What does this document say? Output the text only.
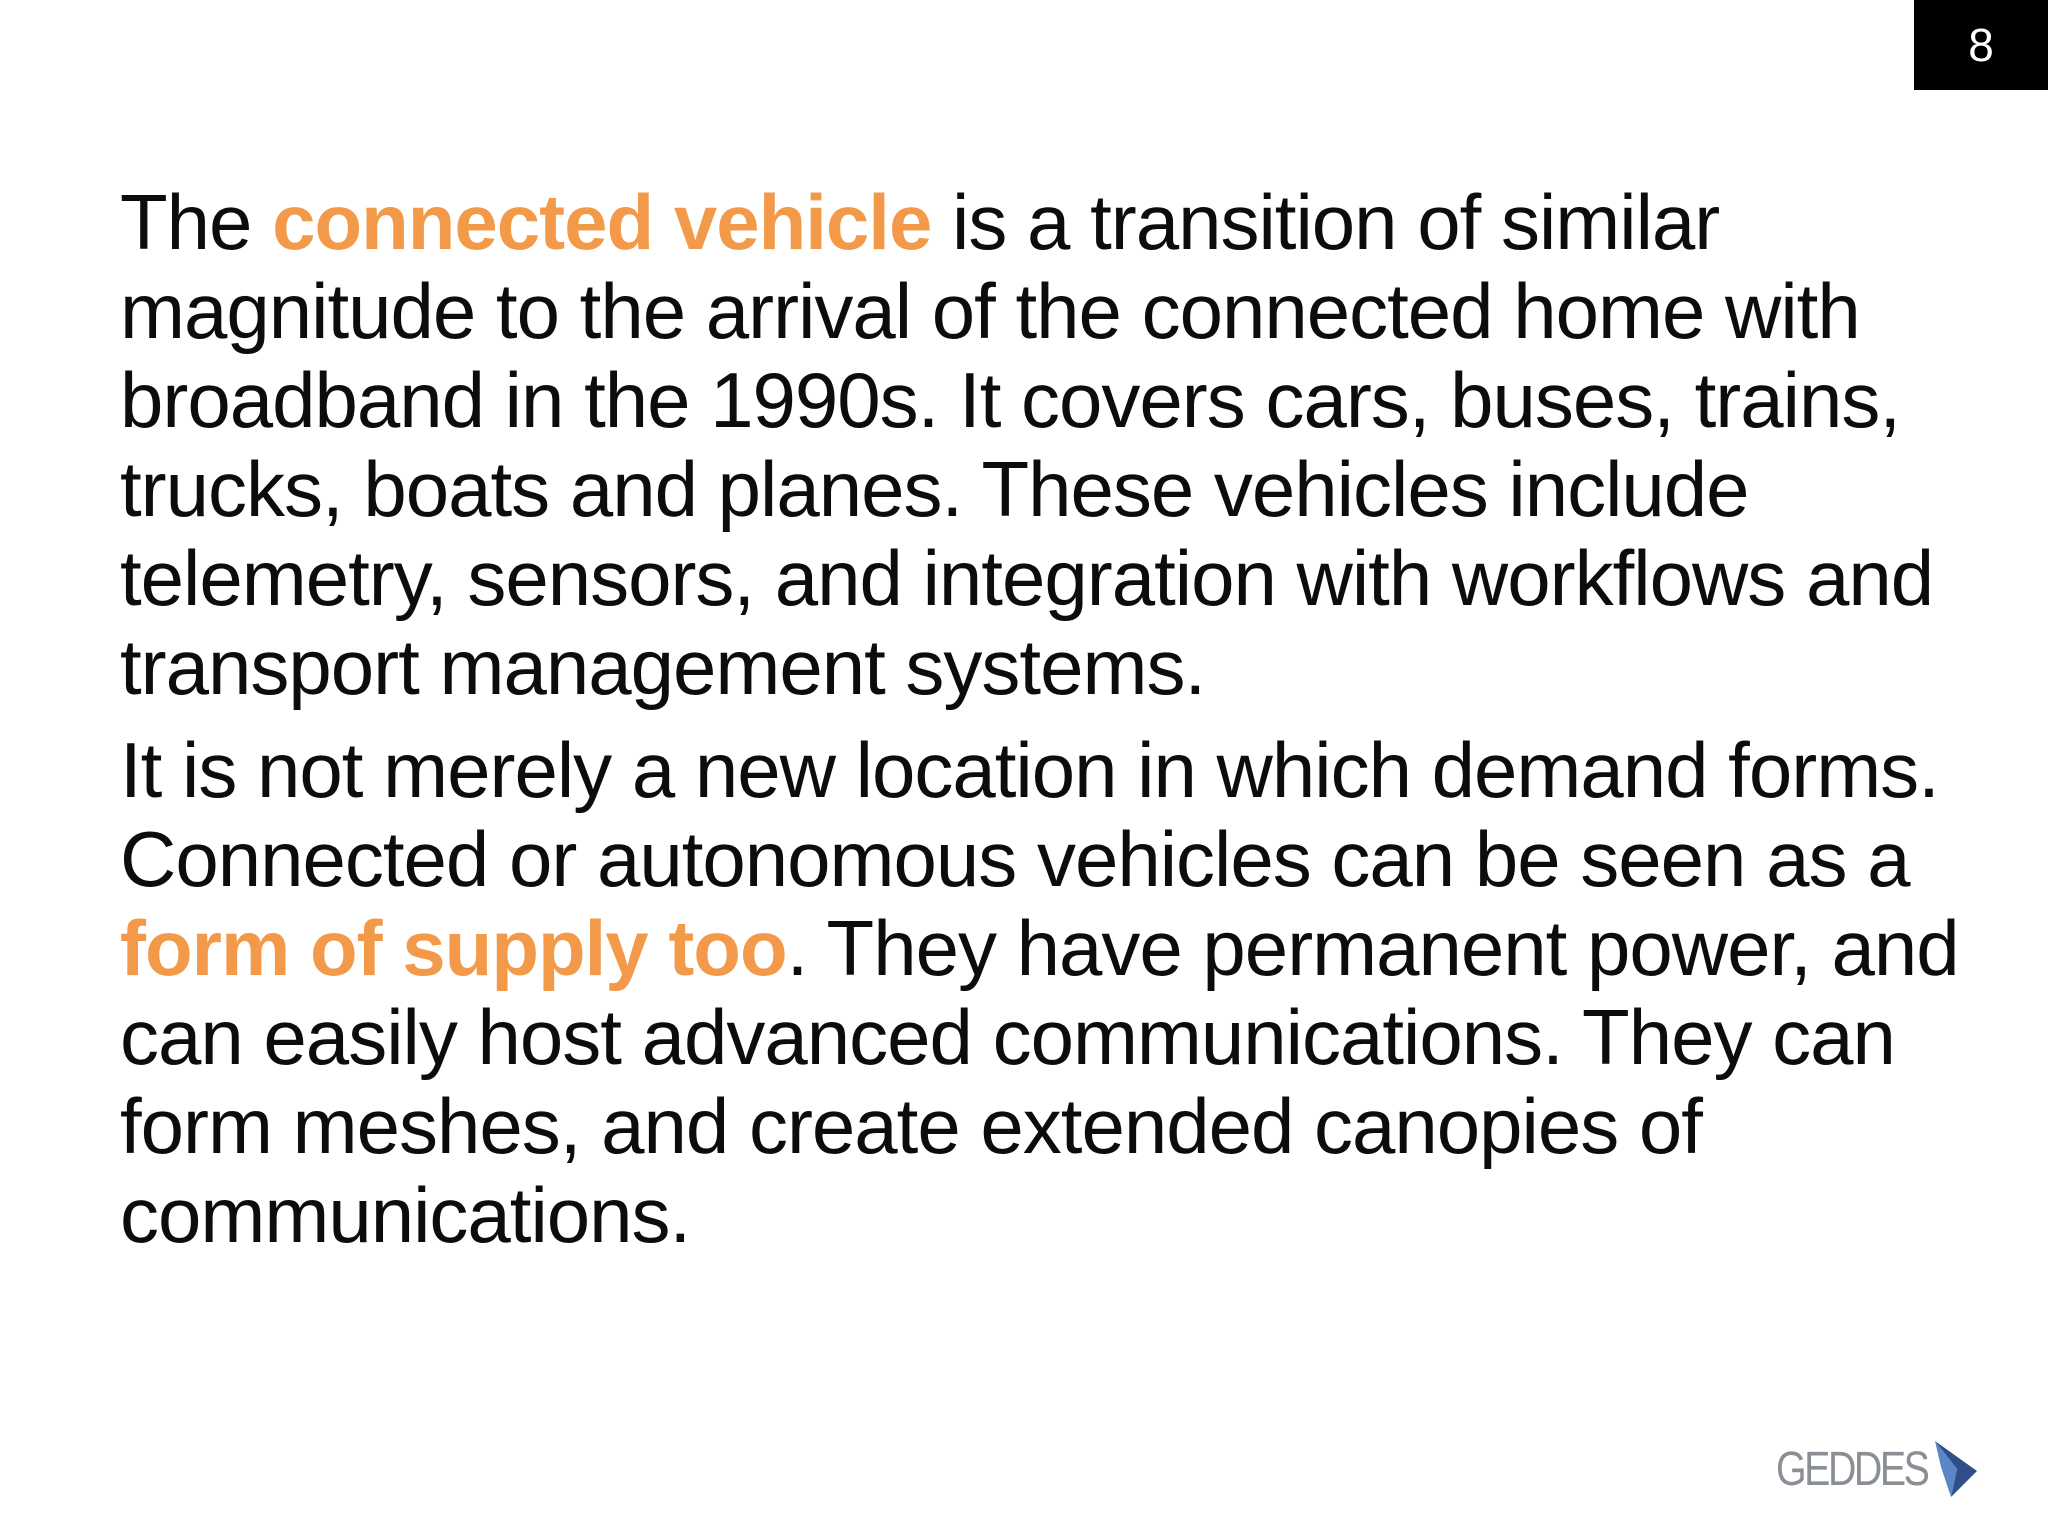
8

The connected vehicle is a transition of similar magnitude to the arrival of the connected home with broadband in the 1990s. It covers cars, buses, trains, trucks, boats and planes. These vehicles include telemetry, sensors, and integration with workflows and transport management systems.

It is not merely a new location in which demand forms. Connected or autonomous vehicles can be seen as a form of supply too. They have permanent power, and can easily host advanced communications. They can form meshes, and create extended canopies of communications.

GEDDES
